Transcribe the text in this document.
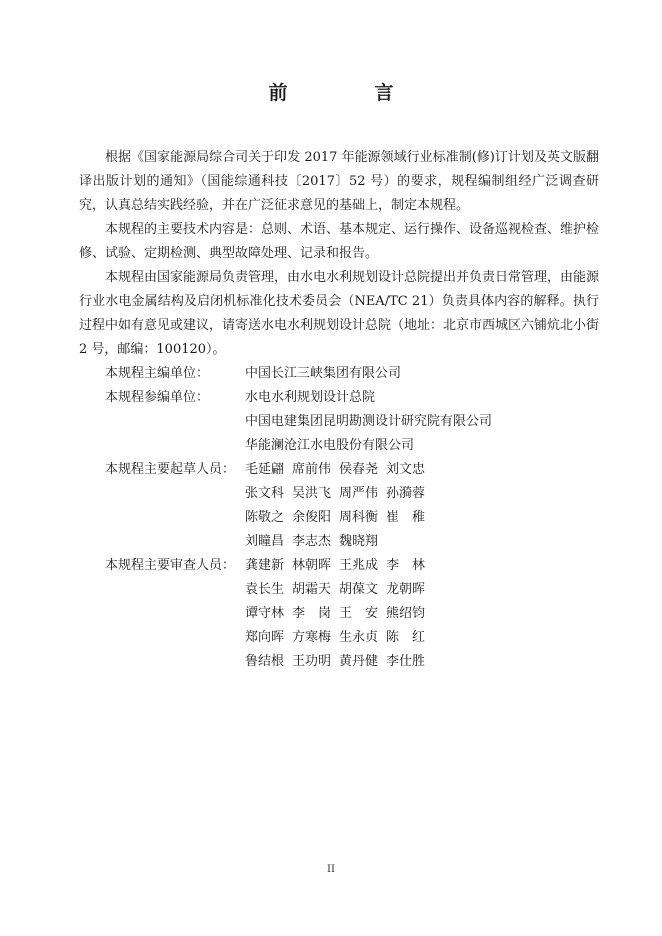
前　言

根据《国家能源局综合司关于印发 2017 年能源领域行业标准制(修)订计划及英文版翻译出版计划的通知》（国能综通科技〔2017〕52 号）的要求，规程编制组经广泛调查研究，认真总结实践经验，并在广泛征求意见的基础上，制定本规程。

本规程的主要技术内容是：总则、术语、基本规定、运行操作、设备巡视检查、维护检修、试验、定期检测、典型故障处理、记录和报告。

本规程由国家能源局负责管理，由水电水利规划设计总院提出并负责日常管理，由能源行业水电金属结构及启闭机标准化技术委员会（NEA/TC 21）负责具体内容的解释。执行过程中如有意见或建议，请寄送水电水利规划设计总院（地址：北京市西城区六铺炕北小街 2 号，邮编：100120）。

本规程主编单位：	中国长江三峡集团有限公司
本规程参编单位：	水电水利规划设计总院
中国电建集团昆明勘测设计研究院有限公司
华能澜沧江水电股份有限公司
本规程主要起草人员： 毛延翩 席前伟 侯春尧 刘文忠
张文科 吴洪飞 周严伟 孙漪蓉
陈敬之 余俊阳 周科衡 崔　稚
刘瞳昌 李志杰 魏晓翔
本规程主要审查人员： 龚建新 林朝晖 王兆成 李　林
袁长生 胡霜天 胡葆文 龙朝晖
谭守林 李　岗 王　安 熊绍钧
郑向晖 方寒梅 生永贞 陈　红
鲁结根 王功明 黄丹健 李仕胜
II
